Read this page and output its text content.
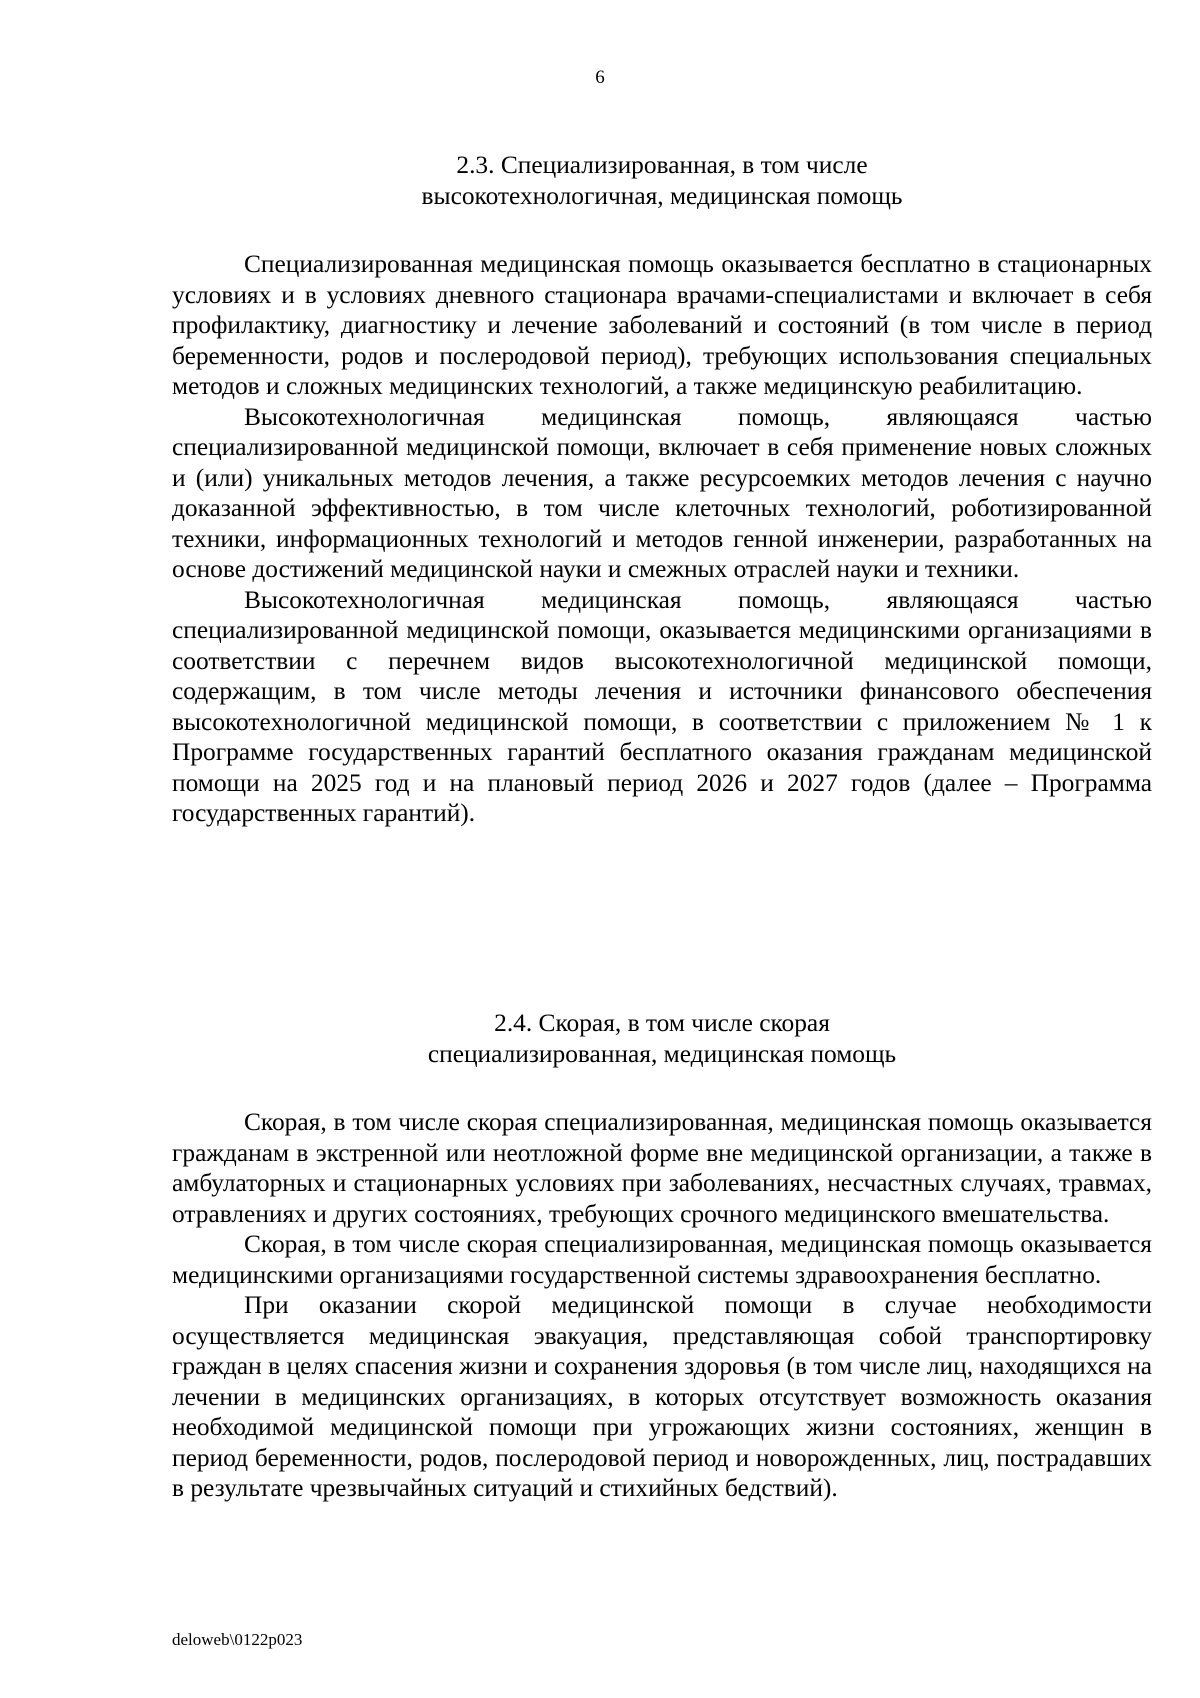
6
2.3. Специализированная, в том числе
высокотехнологичная, медицинская помощь

Специализированная медицинская помощь оказывается бесплатно в стационарных условиях и в условиях дневного стационара врачами-специалистами и включает в себя профилактику, диагностику и лечение заболеваний и состояний (в том числе в период беременности, родов и послеродовой период), требующих использования специальных методов и сложных медицинских технологий, а также медицинскую реабилитацию.

Высокотехнологичная медицинская помощь, являющаяся частью специализированной медицинской помощи, включает в себя применение новых сложных и (или) уникальных методов лечения, а также ресурсоемких методов лечения с научно доказанной эффективностью, в том числе клеточных технологий, роботизированной техники, информационных технологий и методов генной инженерии, разработанных на основе достижений медицинской науки и смежных отраслей науки и техники.

Высокотехнологичная медицинская помощь, являющаяся частью специализированной медицинской помощи, оказывается медицинскими организациями в соответствии с перечнем видов высокотехнологичной медицинской помощи, содержащим, в том числе методы лечения и источники финансового обеспечения высокотехнологичной медицинской помощи, в соответствии с приложением № 1 к Программе государственных гарантий бесплатного оказания гражданам медицинской помощи на 2025 год и на плановый период 2026 и 2027 годов (далее – Программа государственных гарантий).

2.4. Скорая, в том числе скорая
специализированная, медицинская помощь

Скорая, в том числе скорая специализированная, медицинская помощь оказывается гражданам в экстренной или неотложной форме вне медицинской организации, а также в амбулаторных и стационарных условиях при заболеваниях, несчастных случаях, травмах, отравлениях и других состояниях, требующих срочного медицинского вмешательства.

Скорая, в том числе скорая специализированная, медицинская помощь оказывается медицинскими организациями государственной системы здравоохранения бесплатно.

При оказании скорой медицинской помощи в случае необходимости осуществляется медицинская эвакуация, представляющая собой транспортировку граждан в целях спасения жизни и сохранения здоровья (в том числе лиц, находящихся на лечении в медицинских организациях, в которых отсутствует возможность оказания необходимой медицинской помощи при угрожающих жизни состояниях, женщин в период беременности, родов, послеродовой период и новорожденных, лиц, пострадавших в результате чрезвычайных ситуаций и стихийных бедствий).

deloweb\0122p023
